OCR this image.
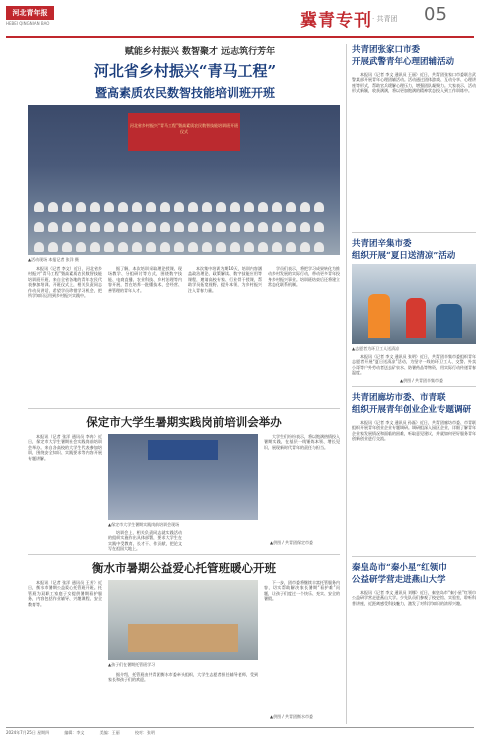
河北青年报
HEBEI QINGNIAN BAO	冀青专刊 · 共青团 05
赋能乡村振兴 数智聚才 远志筑行芳年
河北省乡村振兴“青马工程”
暨高素质农民数智技能培训班开班
河北省乡村振兴“青马工程”暨高素质农民数智技能培训班开班仪式
▲活动现场 本报记者 张洋 摄

本报讯（记者 李文）近日，河北省乡村振兴“青马工程”暨高素质农民数智技能培训班开班，来自全省各地的青年农民代表参加培训。开班仪式上，相关负责同志作动员讲话，希望学员珍惜学习机会，把所学知识运用到乡村振兴实践中。

据了解，本次培训采取理论授课、现场教学、分组研讨等方式，围绕数字技能、电商直播、农业科技、乡村治理等内容开展，旨在培养一批懂技术、会经营、善管理的青年人才。

本次集中培训为期10天，培训内容涵盖政治理论、政策解读、数字技能应用等课程，邀请高校专家、行业骨干授课，帮助学员拓宽视野、提升本领，为乡村振兴注入青春力量。

学员们表示，将把学习成果转化为推动乡村发展的实际行动，带动更多青年投身乡村振兴事业。培训班结束后还将建立常态化联系机制。

共青团张家口市委
开展武警青年心理团辅活动

本报讯（记者 李文 通讯员 王丽）近日，共青团张家口市委联合武警某部开展青年心理团辅活动。活动通过团体游戏、互动分享、心理讲座等形式，帮助官兵缓解心理压力，增强团队凝聚力。大家表示，活动形式新颖，收获满满，将以更加饱满的精神状态投入到工作训练中。

共青团辛集市委
组织开展“夏日送清凉”活动
▲志愿者为环卫工人送清凉

本报讯（记者 李文 通讯员 张明）近日，共青团辛集市委组织青年志愿者开展“夏日送清凉”活动，为坚守一线的环卫工人、交警、外卖小哥等户外劳动者送去矿泉水、防暑药品等物资，用实际行动传递青春温度。

▲供图 / 共青团辛集市委
共青团廊坊市委、市青联
组织开展青年创业企业专题调研

本报讯（记者 李文 通讯员 孙磊）近日，共青团廊坊市委、市青联组织开展青年创业企业专题调研。调研组深入园区企业，详细了解青年企业家发展情况和面临的困难，听取意见建议，并就如何更好服务青年创新创业进行交流。

秦皇岛市“秦小星”红领巾
公益研学营走进燕山大学

本报讯（记者 李文 通讯员 刘娜）近日，秦皇岛市“秦小星”红领巾公益研学营走进燕山大学。少先队员们参观了校史馆、实验室，聆听科普讲座，近距离感受科技魅力，激发了对科学知识的浓厚兴趣。

保定市大学生暑期实践岗前培训会举办

本报讯（记者 张洋 通讯员 李冉）近日，保定市大学生暑期社会实践岗前培训会举办。来自各高校的大学生代表参加培训，围绕安全知识、实践要求等内容开展专题讲解。

▲保定市大学生暑期实践岗前培训会现场

培训会上，相关负责同志就实践活动的组织实施作出具体部署，要求大学生在实践中受教育、长才干、作贡献，把论文写在祖国大地上。

大学生们纷纷表示，将以饱满热情投入暑期实践，在基层一线锤炼本领、增长见识，展现新时代青年的责任与担当。

▲供图 / 共青团保定市委
衡水市暑期公益爱心托管班暖心开班

本报讯（记者 张洋 通讯员 王芳）近日，衡水市暑期公益爱心托管班开班。托管班为双职工家庭子女提供暑期看护服务，内容包括作业辅导、兴趣课程、安全教育等。

▲孩子们在暑期托管班学习

据介绍，托管班由共青团衡水市委牵头组织，大学生志愿者担任辅导老师，受到家长和孩子们的欢迎。

下一步，团市委将继续丰富托管服务内容，切实帮助解决家长暑期“看护难”问题，让孩子们度过一个快乐、充实、安全的暑假。

▲供图 / 共青团衡水市委
2024年7月25日 星期四	编辑：李文	美编：王丽	校对：张明
